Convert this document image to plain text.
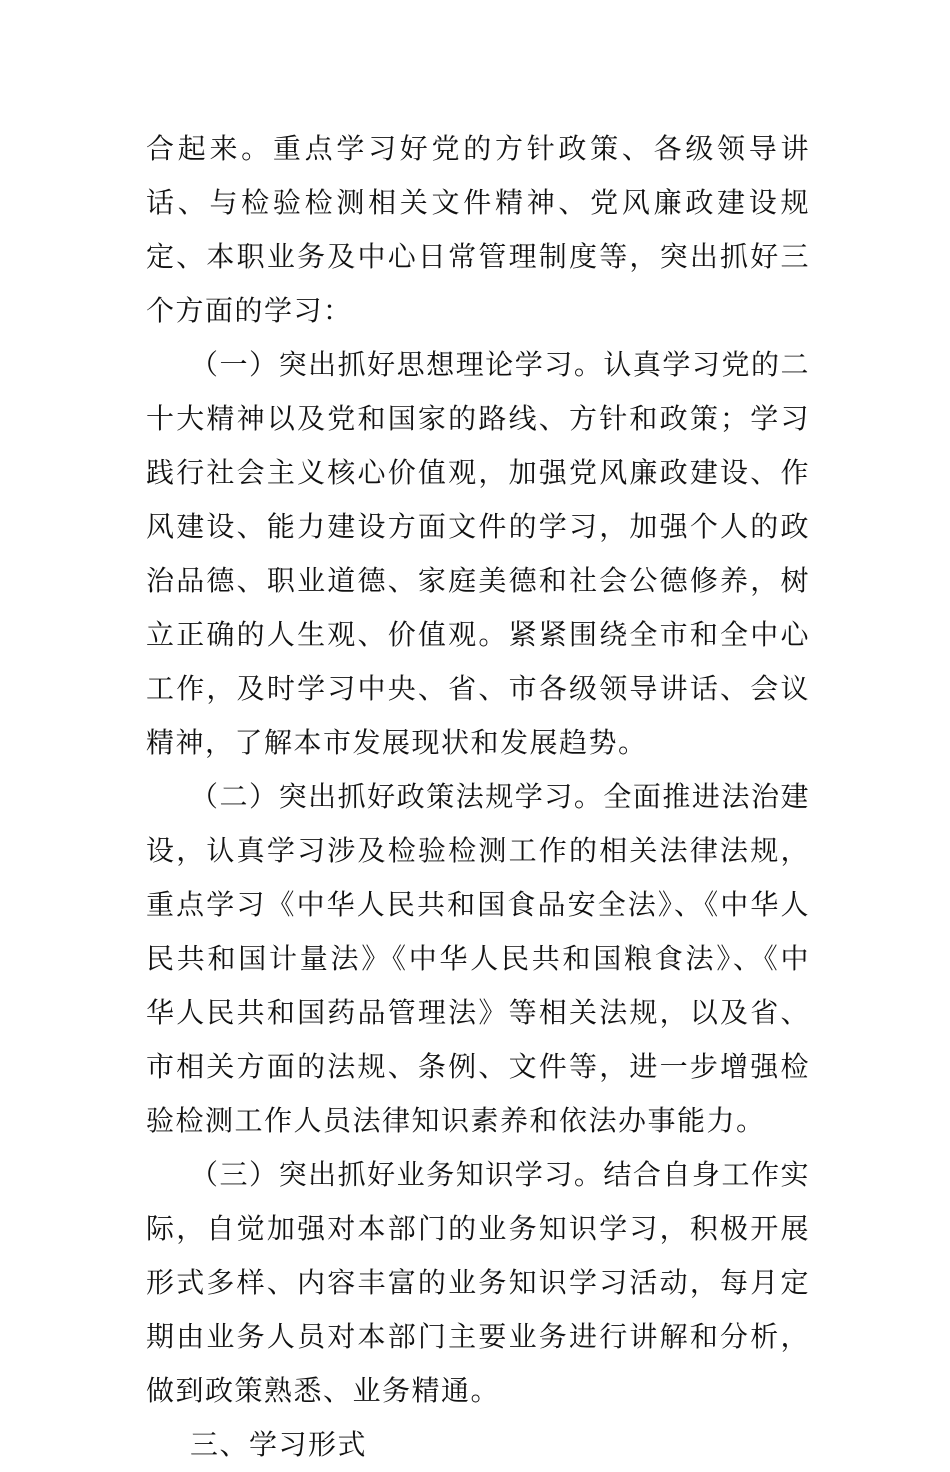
合起来。重点学习好党的方针政策、各级领导讲话、与检验检测相关文件精神、党风廉政建设规定、本职业务及中心日常管理制度等，突出抓好三个方面的学习：

（一）突出抓好思想理论学习。认真学习党的二十大精神以及党和国家的路线、方针和政策；学习践行社会主义核心价值观，加强党风廉政建设、作风建设、能力建设方面文件的学习，加强个人的政治品德、职业道德、家庭美德和社会公德修养，树立正确的人生观、价值观。紧紧围绕全市和全中心工作，及时学习中央、省、市各级领导讲话、会议精神，了解本市发展现状和发展趋势。

（二）突出抓好政策法规学习。全面推进法治建设，认真学习涉及检验检测工作的相关法律法规，重点学习《中华人民共和国食品安全法》、《中华人民共和国计量法》《中华人民共和国粮食法》、《中华人民共和国药品管理法》等相关法规，以及省、市相关方面的法规、条例、文件等，进一步增强检验检测工作人员法律知识素养和依法办事能力。

（三）突出抓好业务知识学习。结合自身工作实际，自觉加强对本部门的业务知识学习，积极开展形式多样、内容丰富的业务知识学习活动，每月定期由业务人员对本部门主要业务进行讲解和分析，做到政策熟悉、业务精通。

三、学习形式
